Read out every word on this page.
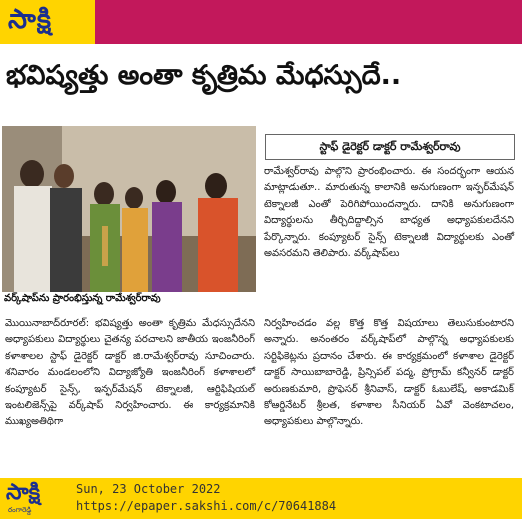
సాక్షి
భవిష్యత్తు అంతా కృత్రిమ మేధస్సుదే..
వర్క్‌షాప్‌ను ప్రారంభిస్తున్న రామేశ్వర్‌రావు
స్టాఫ్ డైరెక్టర్ డాక్టర్ రామేశ్వర్‌రావు
రామేశ్వర్‌రావు పాల్గొని ప్రారంభించారు. ఈ సందర్భంగా ఆయన మాట్లాడుతూ.. మారుతున్న కాలానికి అనుగుణంగా ఇన్ఫర్‌మేషన్ టెక్నాలజీ ఎంతో పెరిగిపోయిందన్నారు. దానికి అనుగుణంగా విద్యార్థులను తీర్చిదిద్దాల్సిన బాధ్యత అధ్యాపకులదేనని పేర్కొన్నారు. కంప్యూటర్ సైన్స్ టెక్నాలజీ విద్యార్థులకు ఎంతో అవసరమని తెలిపారు. వర్క్‌షాప్‌లు
మొయినాబాద్‌రూరల్: భవిష్యత్తు అంతా కృత్రిమ మేధస్సుదేనని అధ్యాపకులు విద్యార్థులు చైతన్య పరచాలని జాతీయ ఇంజనీరింగ్ కళాశాలల స్టాఫ్ డైరెక్టర్ డాక్టర్ జి.రామేశ్వర్‌రావు సూచించారు. శనివారం మండలంలోని విద్యాజ్యోతి ఇంజనీరింగ్ కళాశాలలో కంప్యూటర్ సైన్స్, ఇన్ఫర్‌మేషన్ టెక్నాలజీ, ఆర్టిఫిషియల్ ఇంటలిజెన్స్‌పై వర్క్‌షాప్ నిర్వహించారు. ఈ కార్యక్రమానికి ముఖ్యఅతిథిగా
నిర్వహించడం వల్ల కొత్త కొత్త విషయాలు తెలుసుకుంటారని అన్నారు. అనంతరం వర్క్‌షాప్‌లో పాల్గొన్న అధ్యాపకులకు సర్టిఫికెట్లను ప్రదానం చేశారు. ఈ కార్యక్రమంలో కళాశాల డైరెక్టర్ డాక్టర్ సాయిబాబారెడ్డి, ప్రిన్సిపల్ పద్మ, ప్రోగ్రామ్ కన్వీనర్ డాక్టర్ అరుణకుమారి, ప్రొఫెసర్ శ్రీనివాస్, డాక్టర్ ఓబులేష్, అకాడమిక్ కోఆర్డినేటర్ శ్రీలత, కళాశాల సీనియర్ ఏవో వెంకటాచలం, అధ్యాపకులు పాల్గొన్నారు.
సాక్షి
రంగారెడ్డి
Sun, 23 October 2022
https://epaper.sakshi.com/c/70641884
